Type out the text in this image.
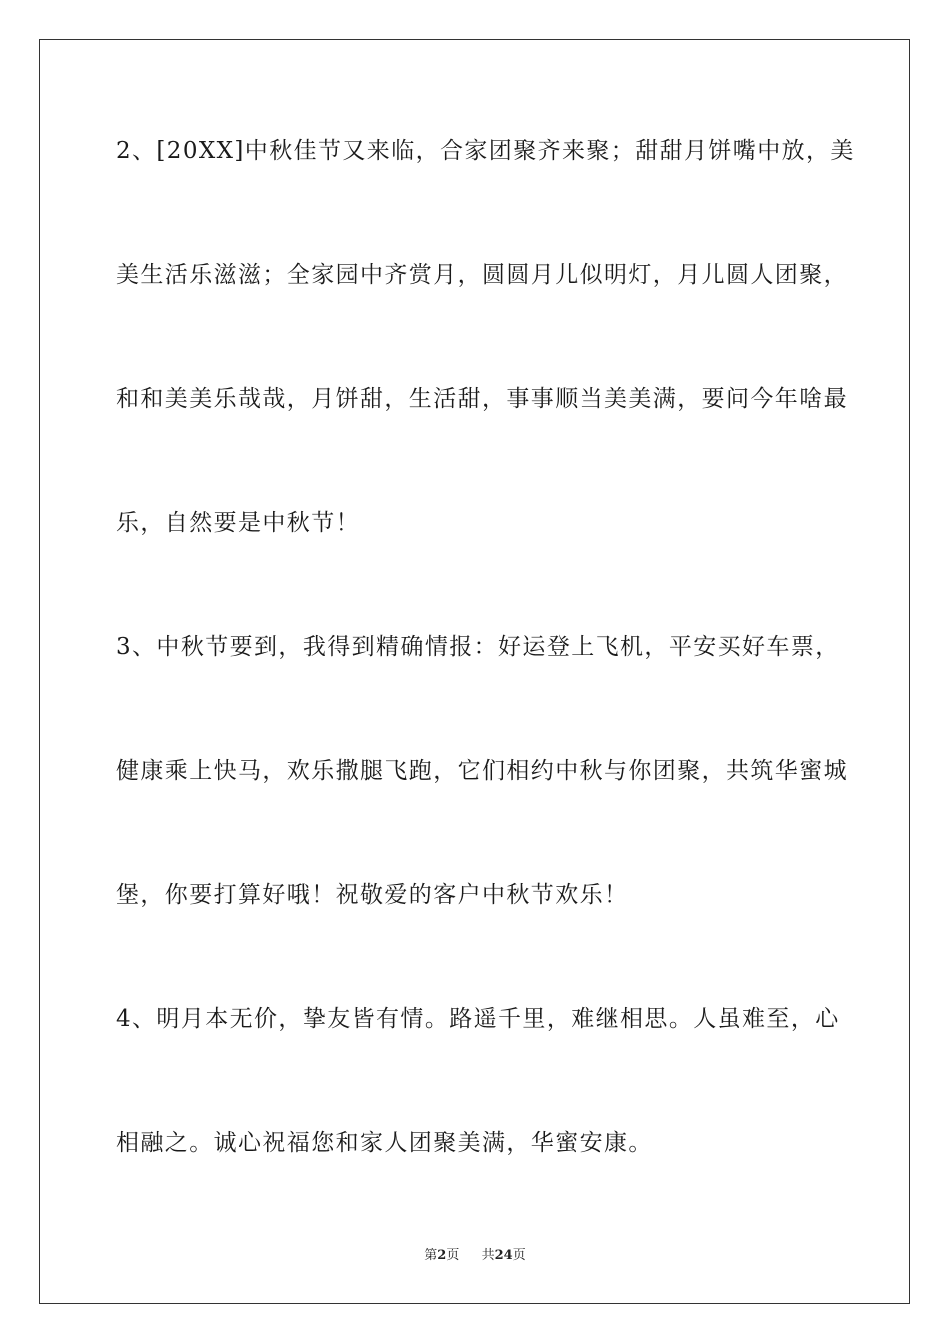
2、[20XX]中秋佳节又来临，合家团聚齐来聚；甜甜月饼嘴中放，美
美生活乐滋滋；全家园中齐赏月，圆圆月儿似明灯，月儿圆人团聚，
和和美美乐哉哉，月饼甜，生活甜，事事顺当美美满，要问今年啥最
乐，自然要是中秋节！
3、中秋节要到，我得到精确情报：好运登上飞机，平安买好车票，
健康乘上快马，欢乐撒腿飞跑，它们相约中秋与你团聚，共筑华蜜城
堡，你要打算好哦！祝敬爱的客户中秋节欢乐！
4、明月本无价，挚友皆有情。路遥千里，难继相思。人虽难至，心
相融之。诚心祝福您和家人团聚美满，华蜜安康。
第2页 共24页
